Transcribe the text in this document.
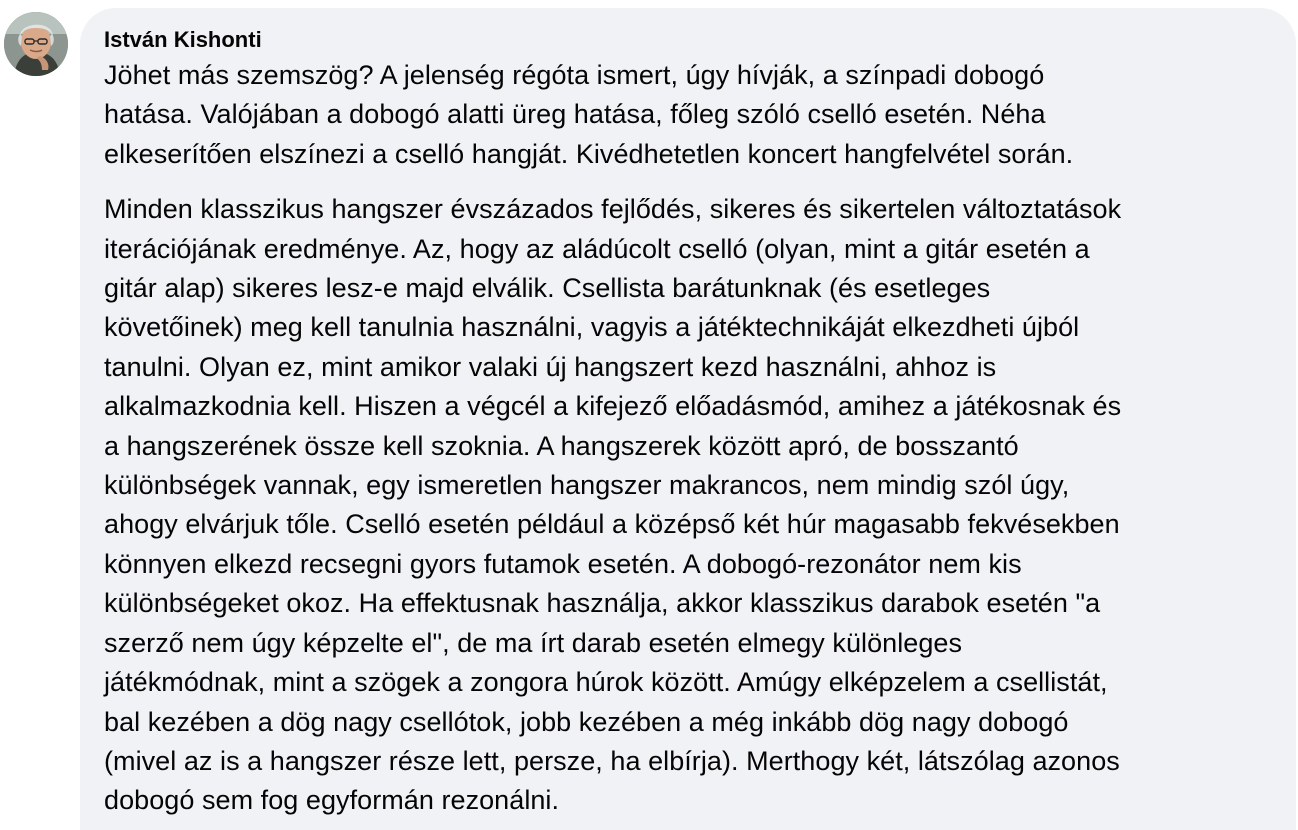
István Kishonti

Jöhet más szemszög? A jelenség régóta ismert, úgy hívják, a színpadi dobogó
hatása. Valójában a dobogó alatti üreg hatása, főleg szóló cselló esetén. Néha
elkeserítően elszínezi a cselló hangját. Kivédhetetlen koncert hangfelvétel során.

Minden klasszikus hangszer évszázados fejlődés, sikeres és sikertelen változtatások
iterációjának eredménye. Az, hogy az aládúcolt cselló (olyan, mint a gitár esetén a
gitár alap) sikeres lesz-e majd elválik. Csellista barátunknak (és esetleges
követőinek) meg kell tanulnia használni, vagyis a játéktechnikáját elkezdheti újból
tanulni. Olyan ez, mint amikor valaki új hangszert kezd használni, ahhoz is
alkalmazkodnia kell. Hiszen a végcél a kifejező előadásmód, amihez a játékosnak és
a hangszerének össze kell szoknia. A hangszerek között apró, de bosszantó
különbségek vannak, egy ismeretlen hangszer makrancos, nem mindig szól úgy,
ahogy elvárjuk tőle. Cselló esetén például a középső két húr magasabb fekvésekben
könnyen elkezd recsegni gyors futamok esetén. A dobogó-rezonátor nem kis
különbségeket okoz. Ha effektusnak használja, akkor klasszikus darabok esetén "a
szerző nem úgy képzelte el", de ma írt darab esetén elmegy különleges
játékmódnak, mint a szögek a zongora húrok között. Amúgy elképzelem a csellistát,
bal kezében a dög nagy csellótok, jobb kezében a még inkább dög nagy dobogó
(mivel az is a hangszer része lett, persze, ha elbírja). Merthogy két, látszólag azonos
dobogó sem fog egyformán rezonálni.
